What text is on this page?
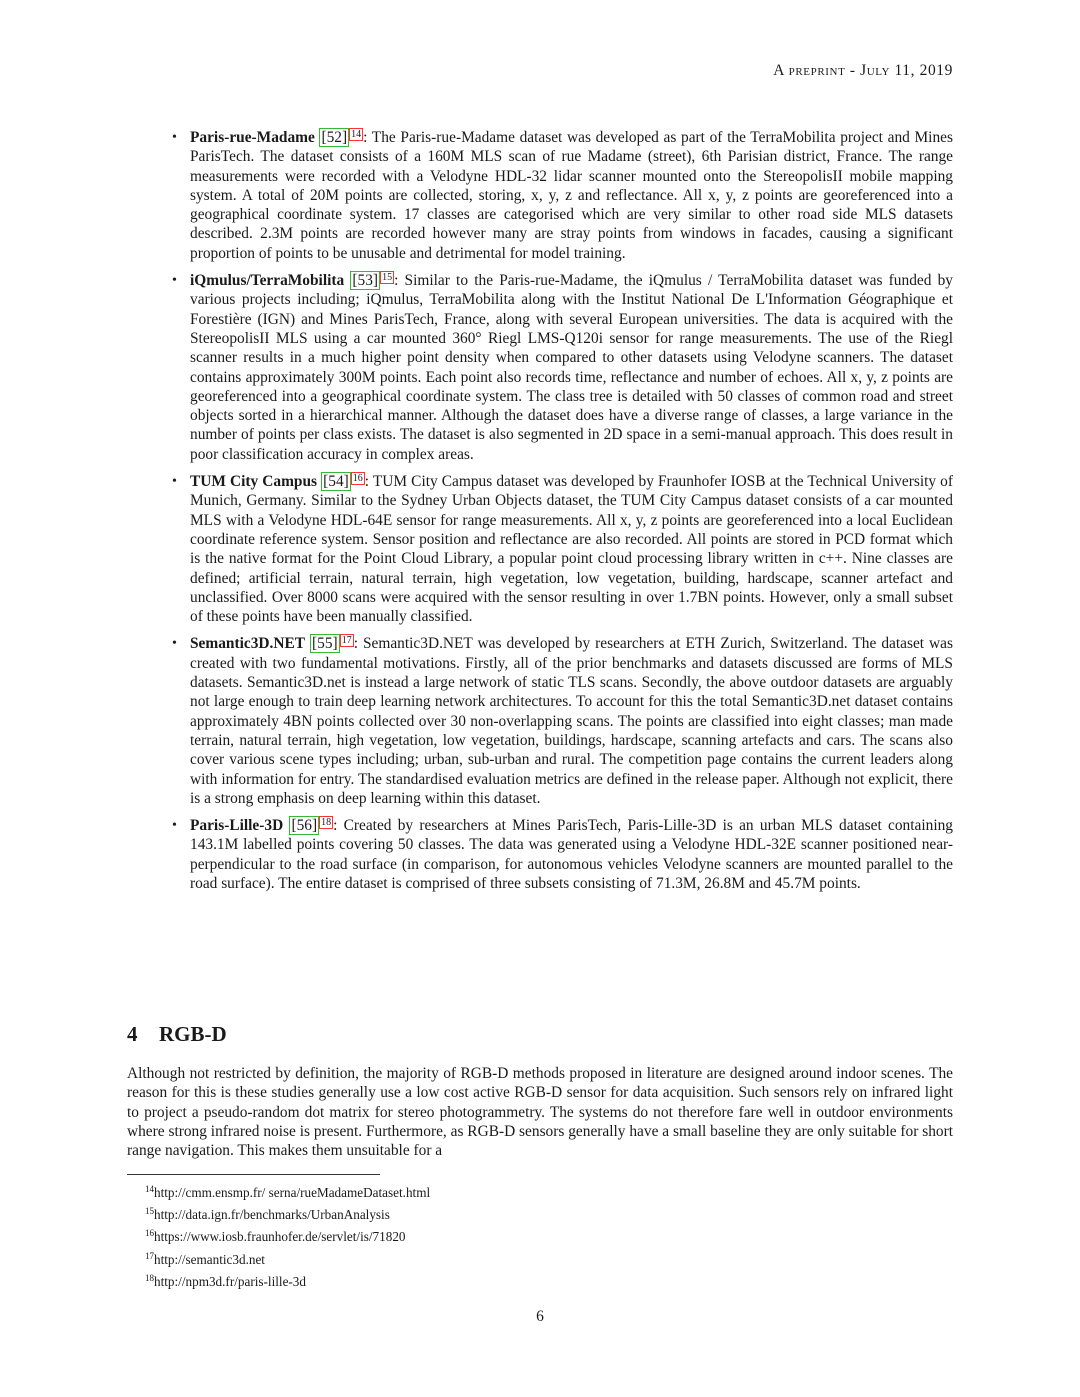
A preprint - July 11, 2019
• Paris-rue-Madame [52] $^{14}$ : The Paris-rue-Madame dataset was developed as part of the TerraMobilita project and Mines ParisTech. The dataset consists of a 160M MLS scan of rue Madame (street), 6th Parisian district, France. The range measurements were recorded with a Velodyne HDL-32 lidar scanner mounted onto the StereopolisII mobile mapping system. A total of 20M points are collected, storing, x, y, z and reflectance. All x, y, z points are georeferenced into a geographical coordinate system. 17 classes are categorised which are very similar to other road side MLS datasets described. 2.3M points are recorded however many are stray points from windows in facades, causing a significant proportion of points to be unusable and detrimental for model training.
• iQmulus/TerraMobilita [53] $^{15}$ : Similar to the Paris-rue-Madame, the iQmulus / TerraMobilita dataset was funded by various projects including; iQmulus, TerraMobilita along with the Institut National De L'Information Géographique et Forestière (IGN) and Mines ParisTech, France, along with several European universities. The data is acquired with the StereopolisII MLS using a car mounted 360° Riegl LMS-Q120i sensor for range measurements. The use of the Riegl scanner results in a much higher point density when compared to other datasets using Velodyne scanners. The dataset contains approximately 300M points. Each point also records time, reflectance and number of echoes. All x, y, z points are georeferenced into a geographical coordinate system. The class tree is detailed with 50 classes of common road and street objects sorted in a hierarchical manner. Although the dataset does have a diverse range of classes, a large variance in the number of points per class exists. The dataset is also segmented in 2D space in a semi-manual approach. This does result in poor classification accuracy in complex areas.
• TUM City Campus [54] $^{16}$ : TUM City Campus dataset was developed by Fraunhofer IOSB at the Technical University of Munich, Germany. Similar to the Sydney Urban Objects dataset, the TUM City Campus dataset consists of a car mounted MLS with a Velodyne HDL-64E sensor for range measurements. All x, y, z points are georeferenced into a local Euclidean coordinate reference system. Sensor position and reflectance are also recorded. All points are stored in PCD format which is the native format for the Point Cloud Library, a popular point cloud processing library written in c++. Nine classes are defined; artificial terrain, natural terrain, high vegetation, low vegetation, building, hardscape, scanner artefact and unclassified. Over 8000 scans were acquired with the sensor resulting in over 1.7BN points. However, only a small subset of these points have been manually classified.
• Semantic3D.NET [55] $^{17}$ : Semantic3D.NET was developed by researchers at ETH Zurich, Switzerland. The dataset was created with two fundamental motivations. Firstly, all of the prior benchmarks and datasets discussed are forms of MLS datasets. Semantic3D.net is instead a large network of static TLS scans. Secondly, the above outdoor datasets are arguably not large enough to train deep learning network architectures. To account for this the total Semantic3D.net dataset contains approximately 4BN points collected over 30 non-overlapping scans. The points are classified into eight classes; man made terrain, natural terrain, high vegetation, low vegetation, buildings, hardscape, scanning artefacts and cars. The scans also cover various scene types including; urban, sub-urban and rural. The competition page contains the current leaders along with information for entry. The standardised evaluation metrics are defined in the release paper. Although not explicit, there is a strong emphasis on deep learning within this dataset.
• Paris-Lille-3D [56] $^{18}$ : Created by researchers at Mines ParisTech, Paris-Lille-3D is an urban MLS dataset containing 143.1M labelled points covering 50 classes. The data was generated using a Velodyne HDL-32E scanner positioned near-perpendicular to the road surface (in comparison, for autonomous vehicles Velodyne scanners are mounted parallel to the road surface). The entire dataset is comprised of three subsets consisting of 71.3M, 26.8M and 45.7M points.
4 RGB-D
Although not restricted by definition, the majority of RGB-D methods proposed in literature are designed around indoor scenes. The reason for this is these studies generally use a low cost active RGB-D sensor for data acquisition. Such sensors rely on infrared light to project a pseudo-random dot matrix for stereo photogrammetry. The systems do not therefore fare well in outdoor environments where strong infrared noise is present. Furthermore, as RGB-D sensors generally have a small baseline they are only suitable for short range navigation. This makes them unsuitable for a
$^{14}$http://cmm.ensmp.fr/ serna/rueMadameDataset.html
$^{15}$http://data.ign.fr/benchmarks/UrbanAnalysis
$^{16}$https://www.iosb.fraunhofer.de/servlet/is/71820
$^{17}$http://semantic3d.net
$^{18}$http://npm3d.fr/paris-lille-3d
6
